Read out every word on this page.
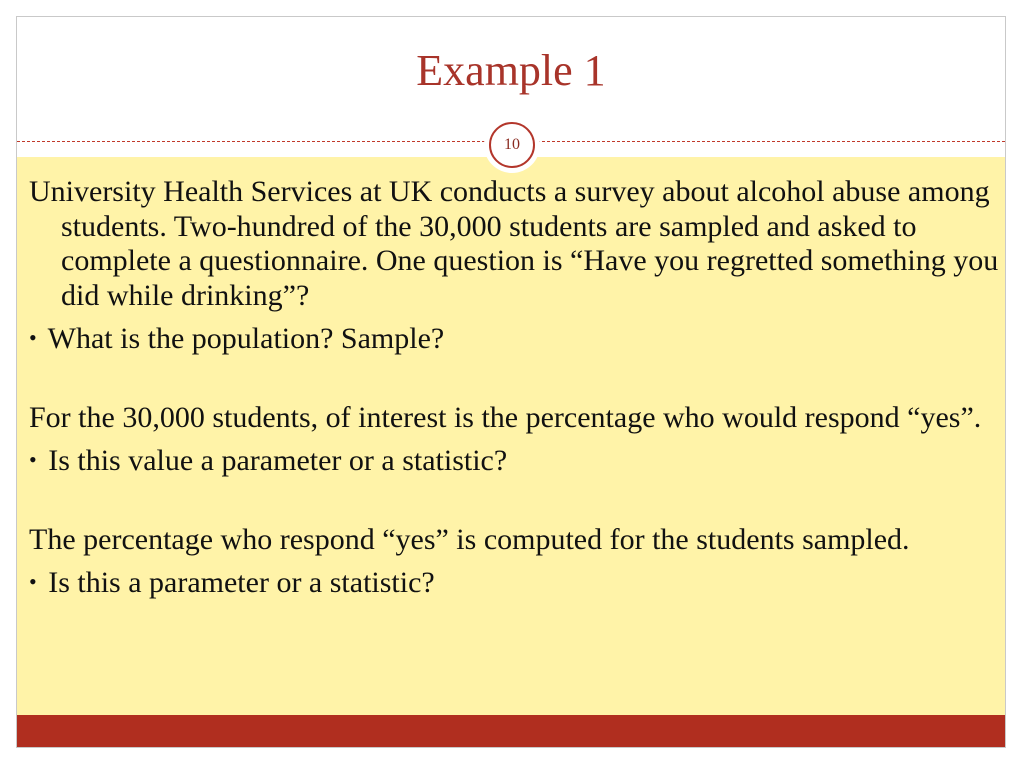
Example 1
10

University Health Services at UK conducts a survey about alcohol abuse among students. Two-hundred of the 30,000 students are sampled and asked to complete a questionnaire. One question is “Have you regretted something you did while drinking”?

• What is the population? Sample?

For the 30,000 students, of interest is the percentage who would respond “yes”.

• Is this value a parameter or a statistic?

The percentage who respond “yes” is computed for the students sampled.

• Is this a parameter or a statistic?
